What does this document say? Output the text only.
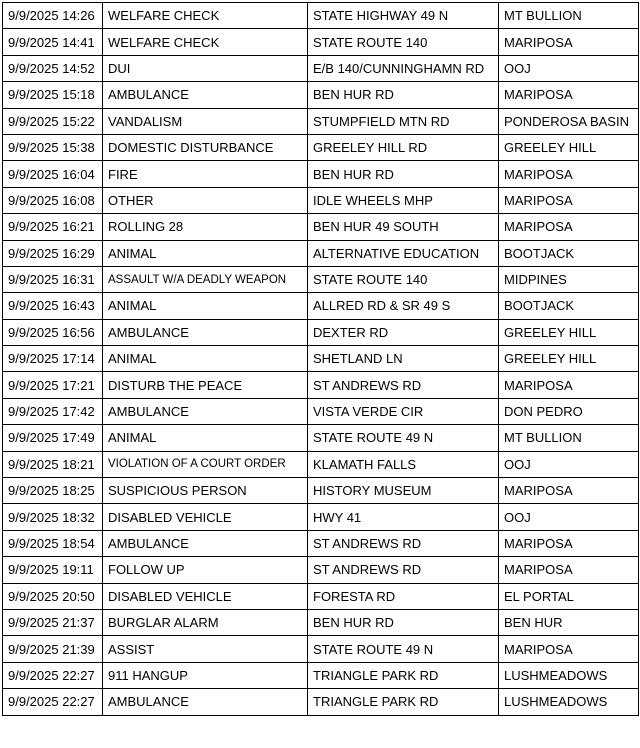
9/9/2025 14:26	WELFARE CHECK	STATE HIGHWAY 49 N	MT BULLION
9/9/2025 14:41	WELFARE CHECK	STATE ROUTE 140	MARIPOSA
9/9/2025 14:52	DUI	E/B 140/CUNNINGHAMN RD	OOJ
9/9/2025 15:18	AMBULANCE	BEN HUR RD	MARIPOSA
9/9/2025 15:22	VANDALISM	STUMPFIELD MTN RD	PONDEROSA BASIN
9/9/2025 15:38	DOMESTIC DISTURBANCE	GREELEY HILL RD	GREELEY HILL
9/9/2025 16:04	FIRE	BEN HUR RD	MARIPOSA
9/9/2025 16:08	OTHER	IDLE WHEELS MHP	MARIPOSA
9/9/2025 16:21	ROLLING 28	BEN HUR 49 SOUTH	MARIPOSA
9/9/2025 16:29	ANIMAL	ALTERNATIVE EDUCATION	BOOTJACK
9/9/2025 16:31	ASSAULT W/A DEADLY WEAPON	STATE ROUTE 140	MIDPINES
9/9/2025 16:43	ANIMAL	ALLRED RD & SR 49 S	BOOTJACK
9/9/2025 16:56	AMBULANCE	DEXTER RD	GREELEY HILL
9/9/2025 17:14	ANIMAL	SHETLAND LN	GREELEY HILL
9/9/2025 17:21	DISTURB THE PEACE	ST ANDREWS RD	MARIPOSA
9/9/2025 17:42	AMBULANCE	VISTA VERDE CIR	DON PEDRO
9/9/2025 17:49	ANIMAL	STATE ROUTE 49 N	MT BULLION
9/9/2025 18:21	VIOLATION OF A COURT ORDER	KLAMATH FALLS	OOJ
9/9/2025 18:25	SUSPICIOUS PERSON	HISTORY MUSEUM	MARIPOSA
9/9/2025 18:32	DISABLED VEHICLE	HWY 41	OOJ
9/9/2025 18:54	AMBULANCE	ST ANDREWS RD	MARIPOSA
9/9/2025 19:11	FOLLOW UP	ST ANDREWS RD	MARIPOSA
9/9/2025 20:50	DISABLED VEHICLE	FORESTA RD	EL PORTAL
9/9/2025 21:37	BURGLAR ALARM	BEN HUR RD	BEN HUR
9/9/2025 21:39	ASSIST	STATE ROUTE 49 N	MARIPOSA
9/9/2025 22:27	911 HANGUP	TRIANGLE PARK RD	LUSHMEADOWS
9/9/2025 22:27	AMBULANCE	TRIANGLE PARK RD	LUSHMEADOWS
